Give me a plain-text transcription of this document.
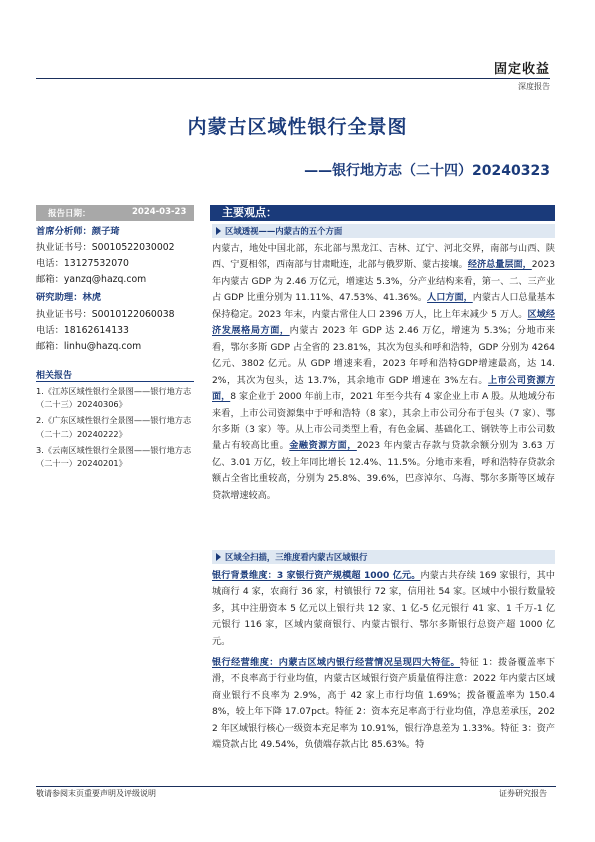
固定收益
深度报告
内蒙古区域性银行全景图
——银行地方志（二十四）20240323
报告日期：	2024-03-23
首席分析师：颜子琦
执业证书号：S0010522030002
电话：13127532070
邮箱：yanzq@hazq.com
研究助理：林虎
执业证书号：S0010122060038
电话：18162614133
邮箱：linhu@hazq.com
相关报告
1.《江苏区域性银行全景图——银行地方志（二十三）20240306》
2.《广东区域性银行全景图——银行地方志（二十二）20240222》
3.《云南区域性银行全景图——银行地方志（二十一）20240201》
主要观点：
区域透视——内蒙古的五个方面
内蒙古，地处中国北部，东北部与黑龙江、吉林、辽宁、河北交界，南部与山西、陕西、宁夏相邻，西南部与甘肃毗连，北部与俄罗斯、蒙古接壤。经济总量层面，2023 年内蒙古 GDP 为 2.46 万亿元，增速达 5.3%，分产业结构来看，第一、二、三产业占 GDP 比重分别为 11.11%、47.53%、41.36%。人口方面，内蒙古人口总量基本保持稳定。2023 年末，内蒙古常住人口 2396 万人，比上年末减少 5 万人。区域经济发展格局方面，内蒙古 2023 年 GDP 达 2.46 万亿，增速为 5.3%；分地市来看，鄂尔多斯 GDP 占全省的 23.81%，其次为包头和呼和浩特，GDP 分别为 4264 亿元、3802 亿元。从 GDP 增速来看，2023 年呼和浩特GDP增速最高，达 14.2%，其次为包头，达 13.7%，其余地市 GDP 增速在 3%左右。上市公司资源方面，8 家企业于 2000 年前上市，2021 年至今共有 4 家企业上市 A 股。从地域分布来看，上市公司资源集中于呼和浩特（8 家），其余上市公司分布于包头（7 家）、鄂尔多斯（3 家）等。从上市公司类型上看，有色金属、基础化工、钢铁等上市公司数量占有较高比重。金融资源方面，2023 年内蒙古存款与贷款余额分别为 3.63 万亿、3.01 万亿，较上年同比增长 12.4%、11.5%。分地市来看，呼和浩特存贷款余额占全省比重较高，分别为 25.8%、39.6%，巴彦淖尔、乌海、鄂尔多斯等区域存贷款增速较高。
区域全扫描，三维度看内蒙古区域银行
银行背景维度：3 家银行资产规模超 1000 亿元。内蒙古共存续 169 家银行，其中城商行 4 家，农商行 36 家，村镇银行 72 家，信用社 54 家。区域中小银行数量较多，其中注册资本 5 亿元以上银行共 12 家、1 亿-5 亿元银行 41 家、1 千万-1 亿元银行 116 家，区域内蒙商银行、内蒙古银行、鄂尔多斯银行总资产超 1000 亿元。
银行经营维度：内蒙古区域内银行经营情况呈现四大特征。特征 1：拨备覆盖率下滑，不良率高于行业均值，内蒙古区域银行资产质量值得注意：2022 年内蒙古区域商业银行不良率为 2.9%，高于 42 家上市行均值 1.69%；拨备覆盖率为 150.48%，较上年下降 17.07pct。特征 2：资本充足率高于行业均值，净息差承压，2022 年区域银行核心一级资本充足率为 10.91%，银行净息差为 1.33%。特征 3：资产端贷款占比 49.54%，负债端存款占比 85.63%。特
敬请参阅末页重要声明及评级说明	证券研究报告
